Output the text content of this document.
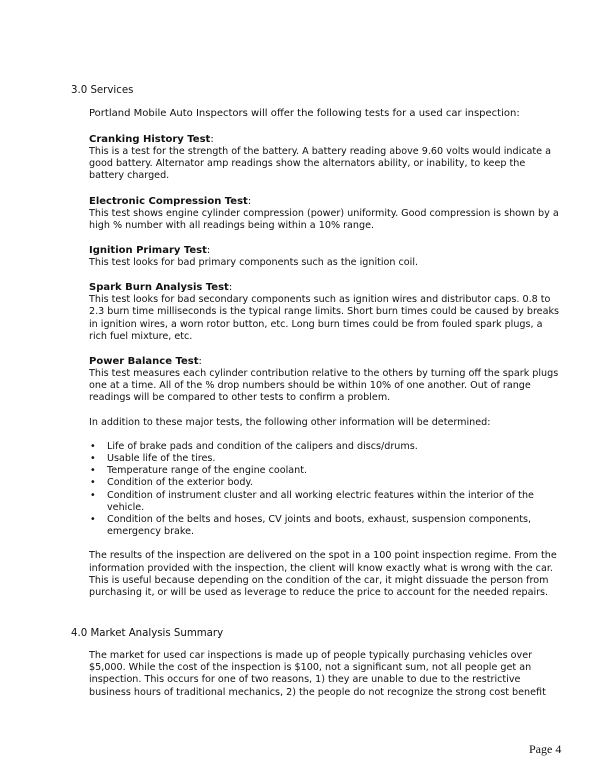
3.0 Services
Portland Mobile Auto Inspectors will offer the following tests for a used car inspection:
Cranking History Test:

This is a test for the strength of the battery. A battery reading above 9.60 volts would indicate a good battery. Alternator amp readings show the alternators ability, or inability, to keep the battery charged.

Electronic Compression Test:

This test shows engine cylinder compression (power) uniformity. Good compression is shown by a high % number with all readings being within a 10% range.

Ignition Primary Test:

This test looks for bad primary components such as the ignition coil.

Spark Burn Analysis Test:

This test looks for bad secondary components such as ignition wires and distributor caps. 0.8 to 2.3 burn time milliseconds is the typical range limits. Short burn times could be caused by breaks in ignition wires, a worn rotor button, etc. Long burn times could be from fouled spark plugs, a rich fuel mixture, etc.

Power Balance Test:

This test measures each cylinder contribution relative to the others by turning off the spark plugs one at a time. All of the % drop numbers should be within 10% of one another. Out of range readings will be compared to other tests to confirm a problem.

In addition to these major tests, the following other information will be determined:

• Life of brake pads and condition of the calipers and discs/drums.
• Usable life of the tires.
• Temperature range of the engine coolant.
• Condition of the exterior body.
• Condition of instrument cluster and all working electric features within the interior of the vehicle.
• Condition of the belts and hoses, CV joints and boots, exhaust, suspension components, emergency brake.

The results of the inspection are delivered on the spot in a 100 point inspection regime. From the information provided with the inspection, the client will know exactly what is wrong with the car. This is useful because depending on the condition of the car, it might dissuade the person from purchasing it, or will be used as leverage to reduce the price to account for the needed repairs.

4.0 Market Analysis Summary

The market for used car inspections is made up of people typically purchasing vehicles over $5,000. While the cost of the inspection is $100, not a significant sum, not all people get an inspection. This occurs for one of two reasons, 1) they are unable to due to the restrictive business hours of traditional mechanics, 2) the people do not recognize the strong cost benefit

Page 4
